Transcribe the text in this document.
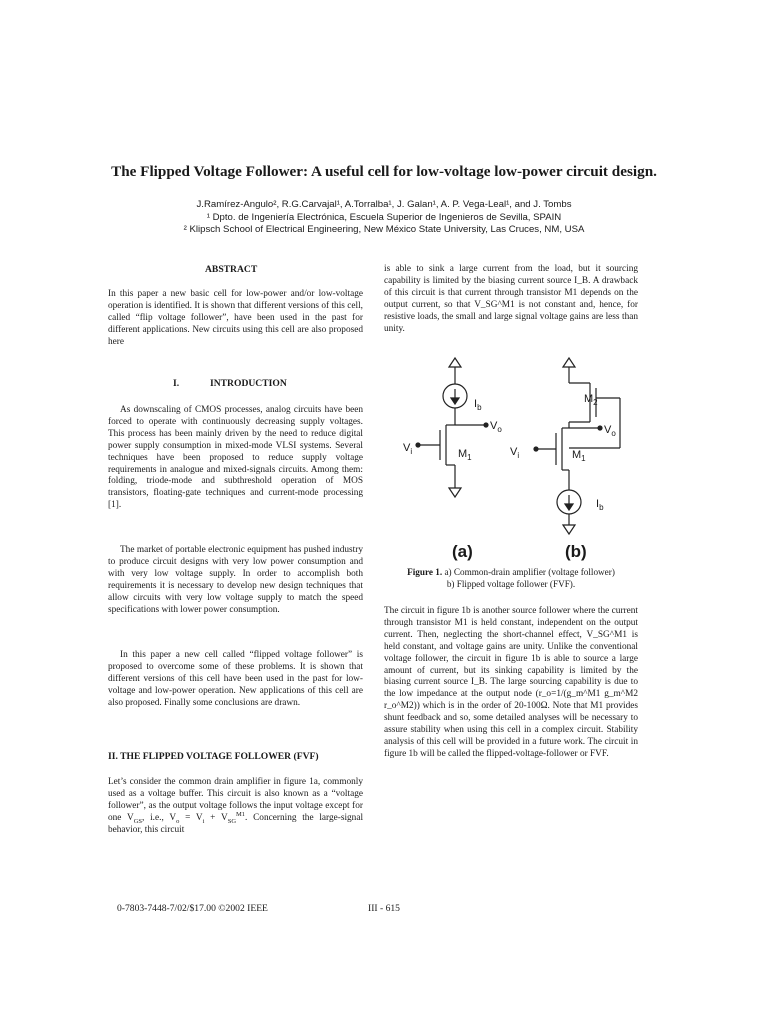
The Flipped Voltage Follower: A useful cell for low-voltage low-power circuit design.
J.Ramírez-Angulo², R.G.Carvajal¹, A.Torralba¹, J. Galan¹, A. P. Vega-Leal¹, and J. Tombs
¹ Dpto. de Ingeniería Electrónica, Escuela Superior de Ingenieros de Sevilla, SPAIN
² Klipsch School of Electrical Engineering, New México State University, Las Cruces, NM, USA
ABSTRACT
In this paper a new basic cell for low-power and/or low-voltage operation is identified. It is shown that different versions of this cell, called “flip voltage follower”, have been used in the past for different applications. New circuits using this cell are also proposed here
I.	INTRODUCTION
As downscaling of CMOS processes, analog circuits have been forced to operate with continuously decreasing supply voltages. This process has been mainly driven by the need to reduce digital power supply consumption in mixed-mode VLSI systems. Several techniques have been proposed to reduce supply voltage requirements in analogue and mixed-signals circuits. Among them: folding, triode-mode and subthreshold operation of MOS transistors, floating-gate techniques and current-mode processing [1].
The market of portable electronic equipment has pushed industry to produce circuit designs with very low power consumption and with very low voltage supply. In order to accomplish both requirements it is necessary to develop new design techniques that allow circuits with very low voltage supply to match the speed specifications with lower power consumption.
In this paper a new cell called “flipped voltage follower” is proposed to overcome some of these problems. It is shown that different versions of this cell have been used in the past for low-voltage and low-power operation. New applications of this cell are also proposed. Finally some conclusions are drawn.
II. THE FLIPPED VOLTAGE FOLLOWER (FVF)
Let’s consider the common drain amplifier in figure 1a, commonly used as a voltage buffer. This circuit is also known as a “voltage follower”, as the output voltage follows the input voltage except for one $V_{GS}$, i.e., $V_o = V_i + V_{SG}^{M1}$. Concerning the large-signal behavior, this circuit
is able to sink a large current from the load, but it sourcing capability is limited by the biasing current source I_B. A drawback of this circuit is that current through transistor M1 depends on the output current, so that V_SG^M1 is not constant and, hence, for resistive loads, the small and large signal voltage gains are less than unity.
$I_b$
$V_o$
$V_i$	$M_1$
$M_2$
$V_o$
$V_i$	$M_1$
$I_b$
(a)	(b)
Figure 1. a) Common-drain amplifier (voltage follower)
b) Flipped voltage follower (FVF).
The circuit in figure 1b is another source follower where the current through transistor M1 is held constant, independent on the output current. Then, neglecting the short-channel effect, V_SG^M1 is held constant, and voltage gains are unity. Unlike the conventional voltage follower, the circuit in figure 1b is able to source a large amount of current, but its sinking capability is limited by the biasing current source I_B. The large sourcing capability is due to the low impedance at the output node (r_o=1/(g_m^M1 g_m^M2 r_o^M2)) which is in the order of 20-100Ω. Note that M1 provides shunt feedback and so, some detailed analyses will be necessary to assure stability when using this cell in a complex circuit. Stability analysis of this cell will be provided in a future work. The circuit in figure 1b will be called the flipped-voltage-follower or FVF.
0-7803-7448-7/02/$17.00 ©2002 IEEE	III - 615
